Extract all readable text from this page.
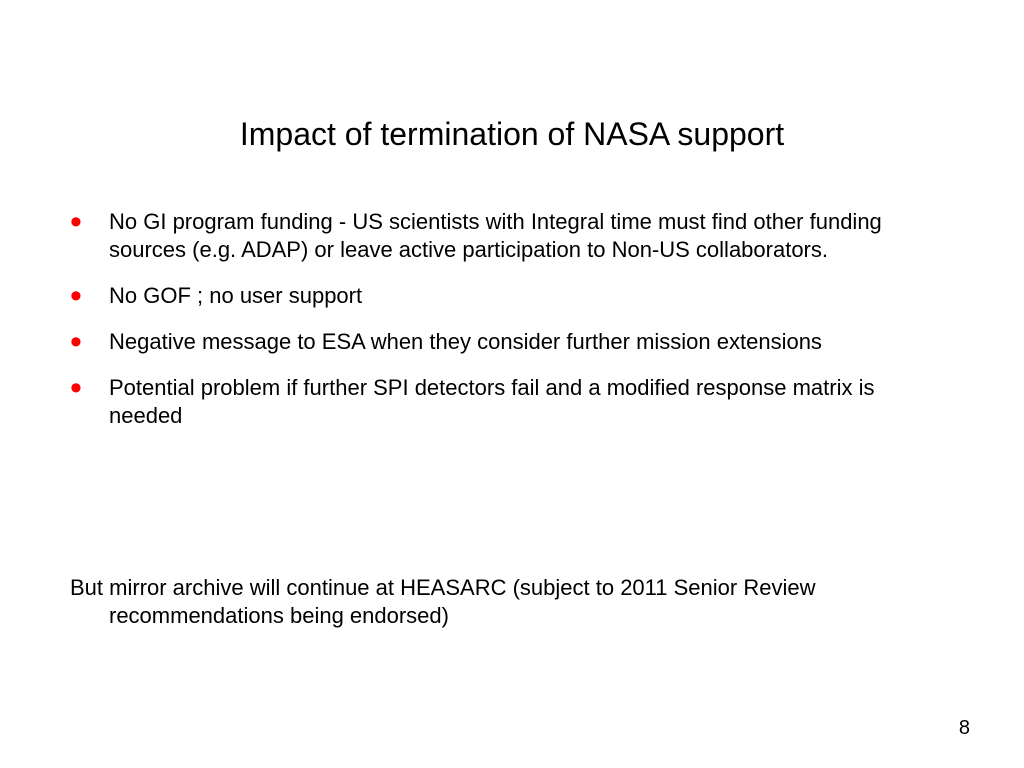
Impact of termination of NASA support
• No GI program funding - US scientists with Integral time must find other funding sources (e.g. ADAP) or leave active participation to Non-US collaborators.
• No GOF ; no user support
• Negative message to ESA when they consider further mission extensions
• Potential problem if further SPI detectors fail and a modified response matrix is needed

But mirror archive will continue at HEASARC (subject to 2011 Senior Review recommendations being endorsed)

8
